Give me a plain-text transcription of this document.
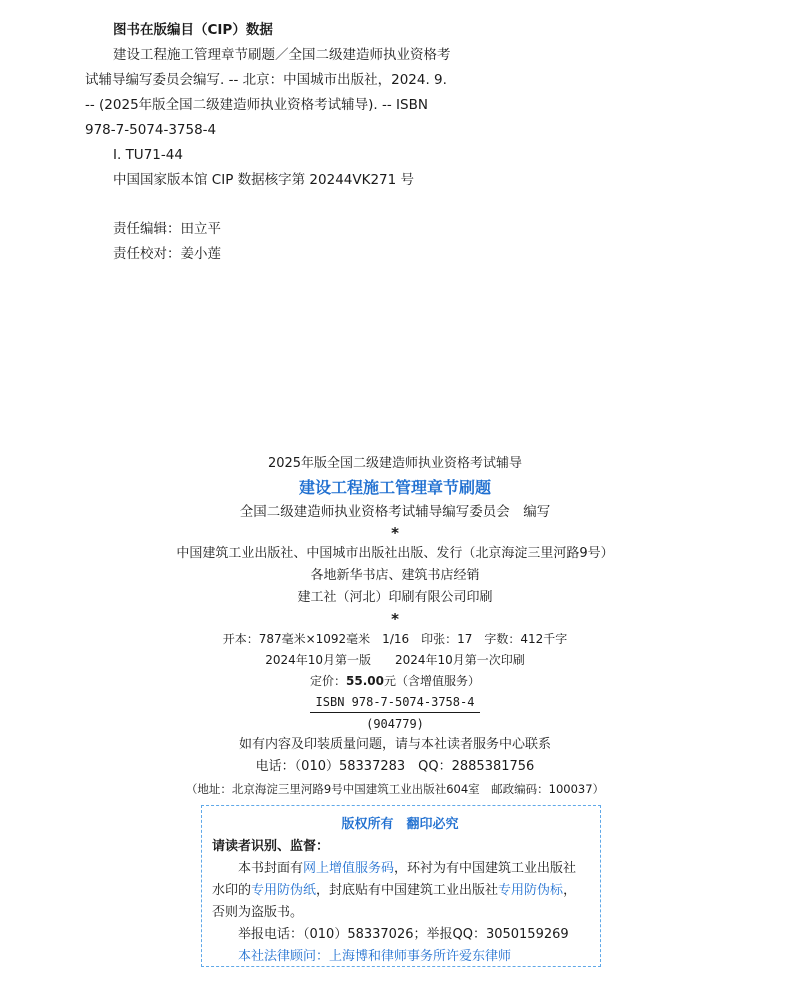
图书在版编目（CIP）数据
建设工程施工管理章节刷题／全国二级建造师执业资格考试辅导编写委员会编写. -- 北京：中国城市出版社，2024. 9. -- (2025年版全国二级建造师执业资格考试辅导). -- ISBN 978-7-5074-3758-4
Ⅰ. TU71-44
中国国家版本馆 CIP 数据核字第 20244VK271 号
责任编辑：田立平
责任校对：姜小莲
2025年版全国二级建造师执业资格考试辅导
建设工程施工管理章节刷题
全国二级建造师执业资格考试辅导编写委员会　编写
*
中国建筑工业出版社、中国城市出版社出版、发行（北京海淀三里河路9号）
各地新华书店、建筑书店经销
建工社（河北）印刷有限公司印刷
*
开本：787毫米×1092毫米　1/16　印张：17　字数：412千字
2024年10月第一版　　2024年10月第一次印刷
定价：55.00元（含增值服务）
ISBN 978-7-5074-3758-4
(904779)
如有内容及印装质量问题，请与本社读者服务中心联系
电话：（010）58337283　QQ：2885381756
（地址：北京海淀三里河路9号中国建筑工业出版社604室　邮政编码：100037）
版权所有　翻印必究
请读者识别、监督：
本书封面有网上增值服务码，环衬为有中国建筑工业出版社水印的专用防伪纸，封底贴有中国建筑工业出版社专用防伪标，否则为盗版书。
举报电话：（010）58337026；举报QQ：3050159269
本社法律顾问：上海博和律师事务所许爱东律师
